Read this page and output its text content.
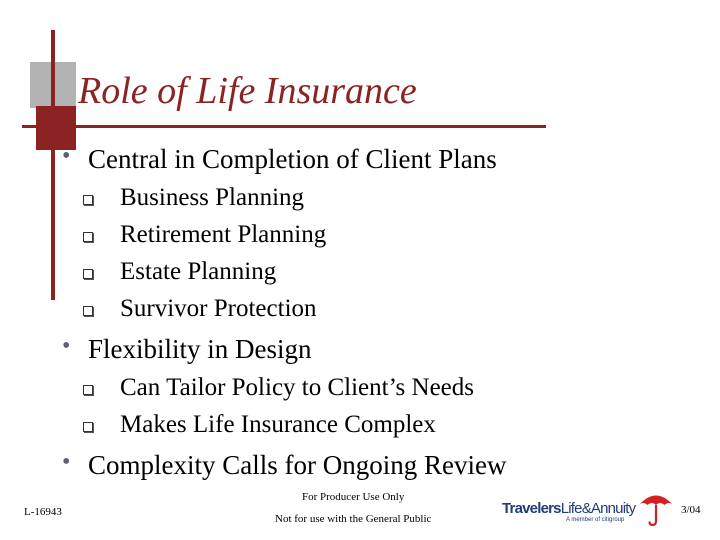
Role of Life Insurance
• Central in Completion of Client Plans
Business Planning
Retirement Planning
Estate Planning
Survivor Protection
• Flexibility in Design
Can Tailor Policy to Client’s Needs
Makes Life Insurance Complex
• Complexity Calls for Ongoing Review
L-16943
For Producer Use Only
Not for use with the General Public
3/04
TravelersLife&Annuity
A member of citigroup
